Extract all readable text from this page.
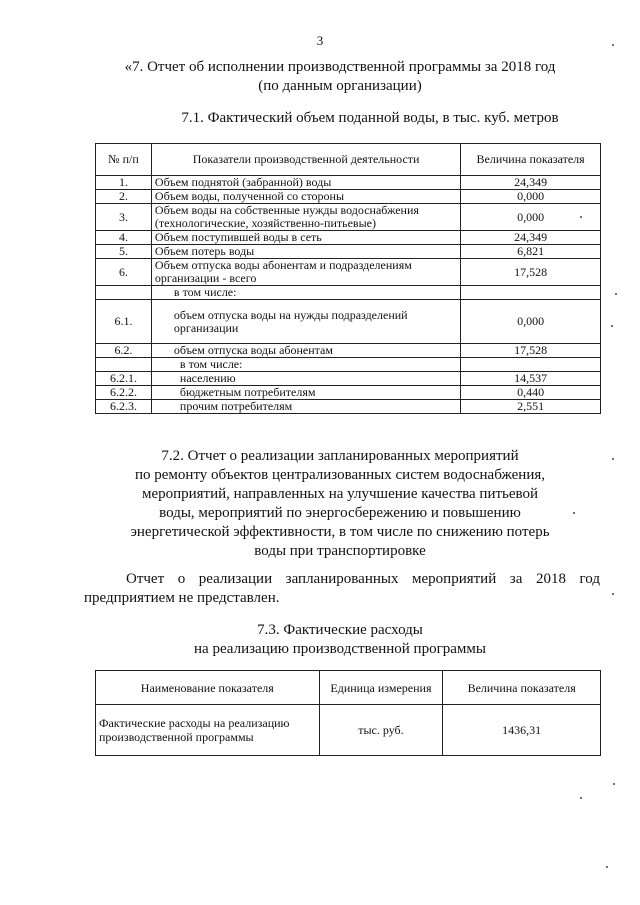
3
«7. Отчет об исполнении производственной программы за 2018 год
(по данным организации)
7.1. Фактический объем поданной воды, в тыс. куб. метров
№ п/п	Показатели производственной деятельности	Величина показателя
1.	Объем поднятой (забранной) воды	24,349
2.	Объем воды, полученной со стороны	0,000
3.	Объем воды на собственные нужды водоснабжения (технологические, хозяйственно-питьевые)	0,000
4.	Объем поступившей воды в сеть	24,349
5.	Объем потерь воды	6,821
6.	Объем отпуска воды абонентам и подразделениям организации - всего	17,528
	в том числе:	
6.1.	объем отпуска воды на нужды подразделений организации	0,000
6.2.	объем отпуска воды абонентам	17,528
	в том числе:	
6.2.1.	населению	14,537
6.2.2.	бюджетным потребителям	0,440
6.2.3.	прочим потребителям	2,551
7.2. Отчет о реализации запланированных мероприятий
по ремонту объектов централизованных систем водоснабжения,
мероприятий, направленных на улучшение качества питьевой
воды, мероприятий по энергосбережению и повышению
энергетической эффективности, в том числе по снижению потерь
воды при транспортировке
Отчет о реализации запланированных мероприятий за 2018 год предприятием не представлен.
7.3. Фактические расходы
на реализацию производственной программы
Наименование показателя	Единица измерения	Величина показателя
Фактические расходы на реализацию производственной программы	тыс. руб.	1436,31
